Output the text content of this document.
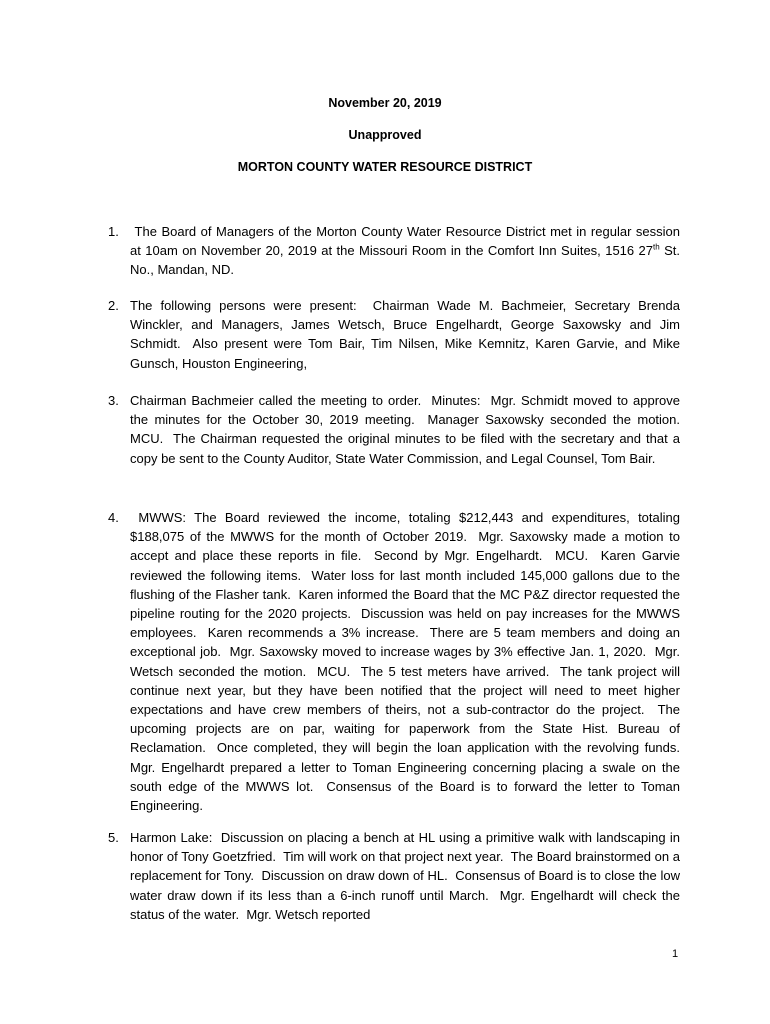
November 20, 2019
Unapproved
MORTON COUNTY WATER RESOURCE DISTRICT
1. The Board of Managers of the Morton County Water Resource District met in regular session at 10am on November 20, 2019 at the Missouri Room in the Comfort Inn Suites, 1516 27th St. No., Mandan, ND.
2. The following persons were present:  Chairman Wade M. Bachmeier, Secretary Brenda Winckler, and Managers, James Wetsch, Bruce Engelhardt, George Saxowsky and Jim Schmidt.  Also present were Tom Bair, Tim Nilsen, Mike Kemnitz, Karen Garvie, and Mike Gunsch, Houston Engineering,
3. Chairman Bachmeier called the meeting to order.  Minutes:  Mgr. Schmidt moved to approve the minutes for the October 30, 2019 meeting.  Manager Saxowsky seconded the motion.  MCU.  The Chairman requested the original minutes to be filed with the secretary and that a copy be sent to the County Auditor, State Water Commission, and Legal Counsel, Tom Bair.
4. MWWS: The Board reviewed the income, totaling $212,443 and expenditures, totaling $188,075 of the MWWS for the month of October 2019.  Mgr. Saxowsky made a motion to accept and place these reports in file.  Second by Mgr. Engelhardt.  MCU.  Karen Garvie reviewed the following items.  Water loss for last month included 145,000 gallons due to the flushing of the Flasher tank.  Karen informed the Board that the MC P&Z director requested the pipeline routing for the 2020 projects.  Discussion was held on pay increases for the MWWS employees.  Karen recommends a 3% increase.  There are 5 team members and doing an exceptional job.  Mgr. Saxowsky moved to increase wages by 3% effective Jan. 1, 2020.  Mgr. Wetsch seconded the motion.  MCU.  The 5 test meters have arrived.  The tank project will continue next year, but they have been notified that the project will need to meet higher expectations and have crew members of theirs, not a sub-contractor do the project.  The upcoming projects are on par, waiting for paperwork from the State Hist. Bureau of Reclamation.  Once completed, they will begin the loan application with the revolving funds.  Mgr. Engelhardt prepared a letter to Toman Engineering concerning placing a swale on the south edge of the MWWS lot.  Consensus of the Board is to forward the letter to Toman Engineering.
5. Harmon Lake:  Discussion on placing a bench at HL using a primitive walk with landscaping in honor of Tony Goetzfried.  Tim will work on that project next year.  The Board brainstormed on a replacement for Tony.  Discussion on draw down of HL.  Consensus of Board is to close the low water draw down if its less than a 6-inch runoff until March.  Mgr. Engelhardt will check the status of the water.  Mgr. Wetsch reported
1
